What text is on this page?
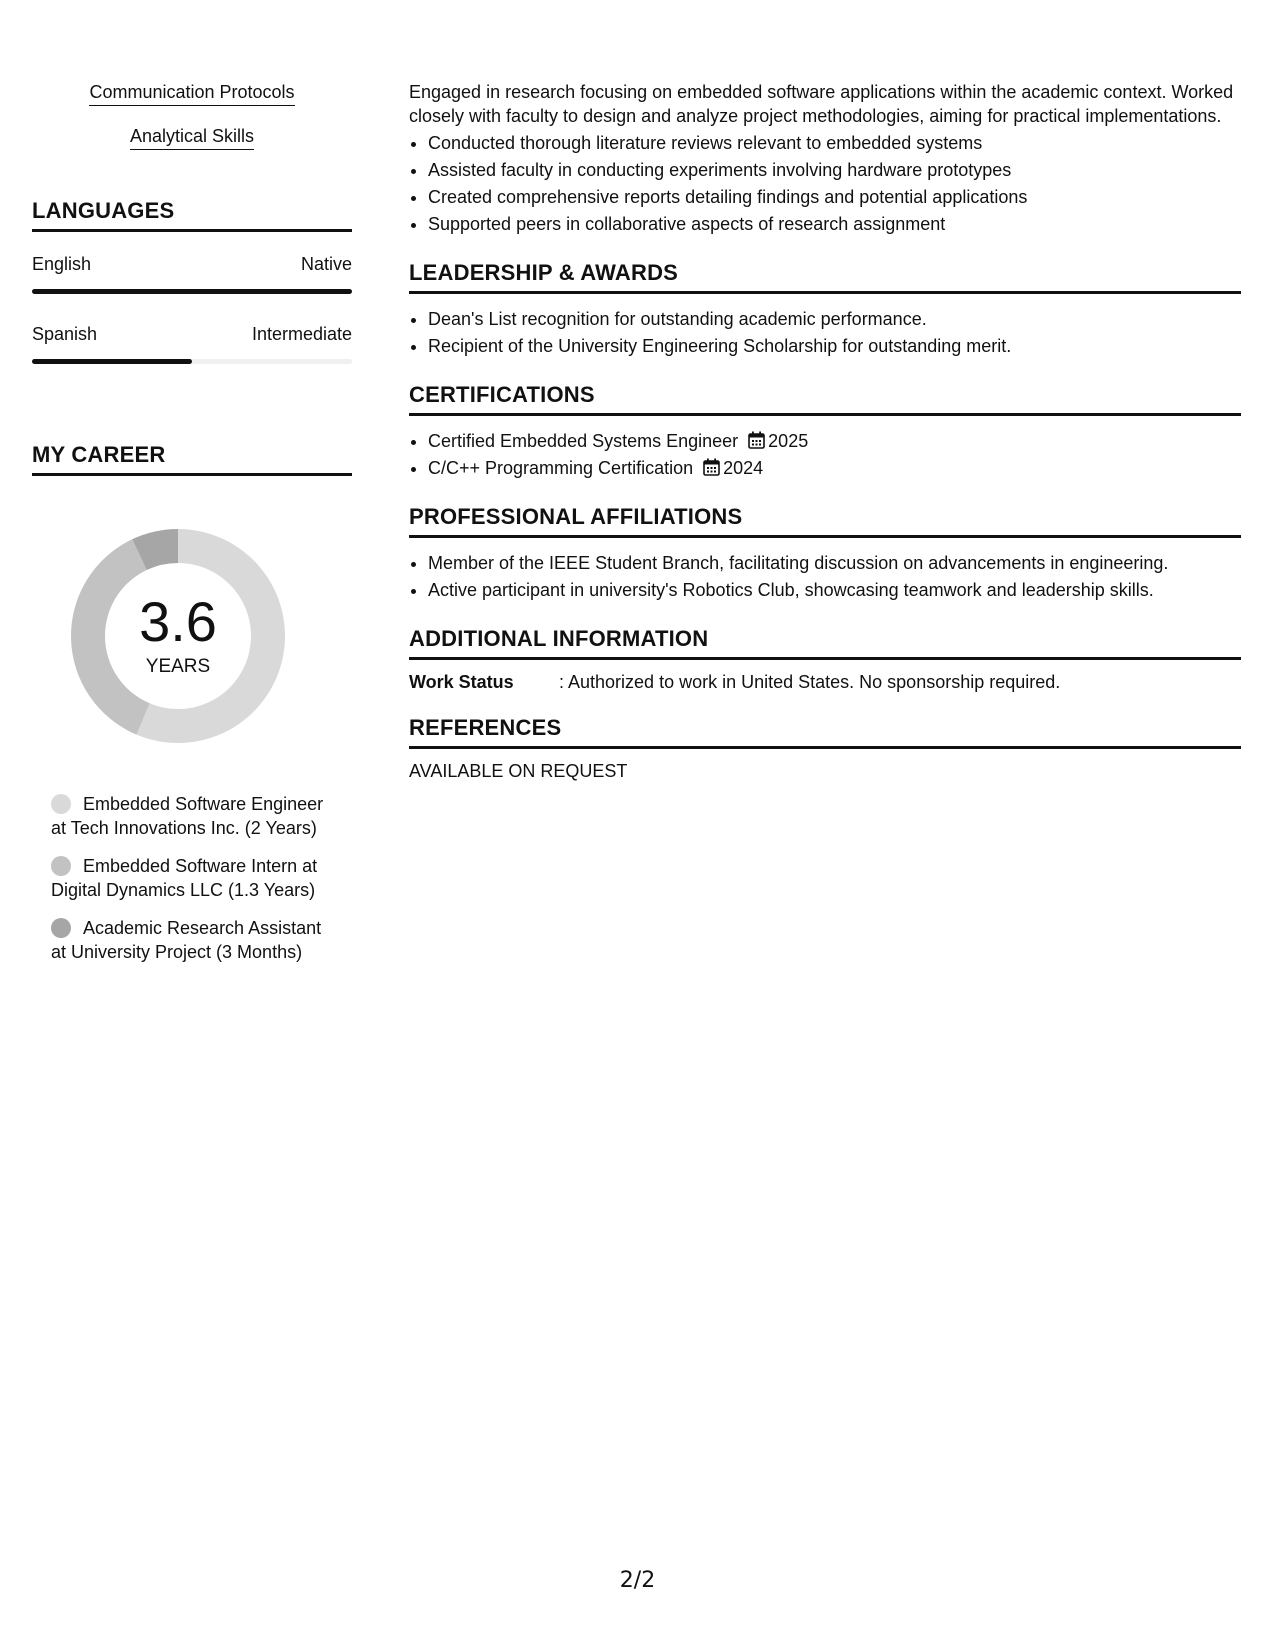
Communication Protocols
Analytical Skills
LANGUAGES
English	Native
Spanish	Intermediate
MY CAREER
3.6
YEARS
Embedded Software Engineer at Tech Innovations Inc. (2 Years)
Embedded Software Intern at Digital Dynamics LLC (1.3 Years)
Academic Research Assistant at University Project (3 Months)

Engaged in research focusing on embedded software applications within the academic context. Worked closely with faculty to design and analyze project methodologies, aiming for practical implementations.

• Conducted thorough literature reviews relevant to embedded systems
• Assisted faculty in conducting experiments involving hardware prototypes
• Created comprehensive reports detailing findings and potential applications
• Supported peers in collaborative aspects of research assignment
LEADERSHIP & AWARDS
• Dean's List recognition for outstanding academic performance.
• Recipient of the University Engineering Scholarship for outstanding merit.
CERTIFICATIONS
• Certified Embedded Systems Engineer 2025
• C/C++ Programming Certification 2024
PROFESSIONAL AFFILIATIONS
• Member of the IEEE Student Branch, facilitating discussion on advancements in engineering.
• Active participant in university's Robotics Club, showcasing teamwork and leadership skills.
ADDITIONAL INFORMATION
Work Status	: Authorized to work in United States. No sponsorship required.
REFERENCES
AVAILABLE ON REQUEST
2/2
